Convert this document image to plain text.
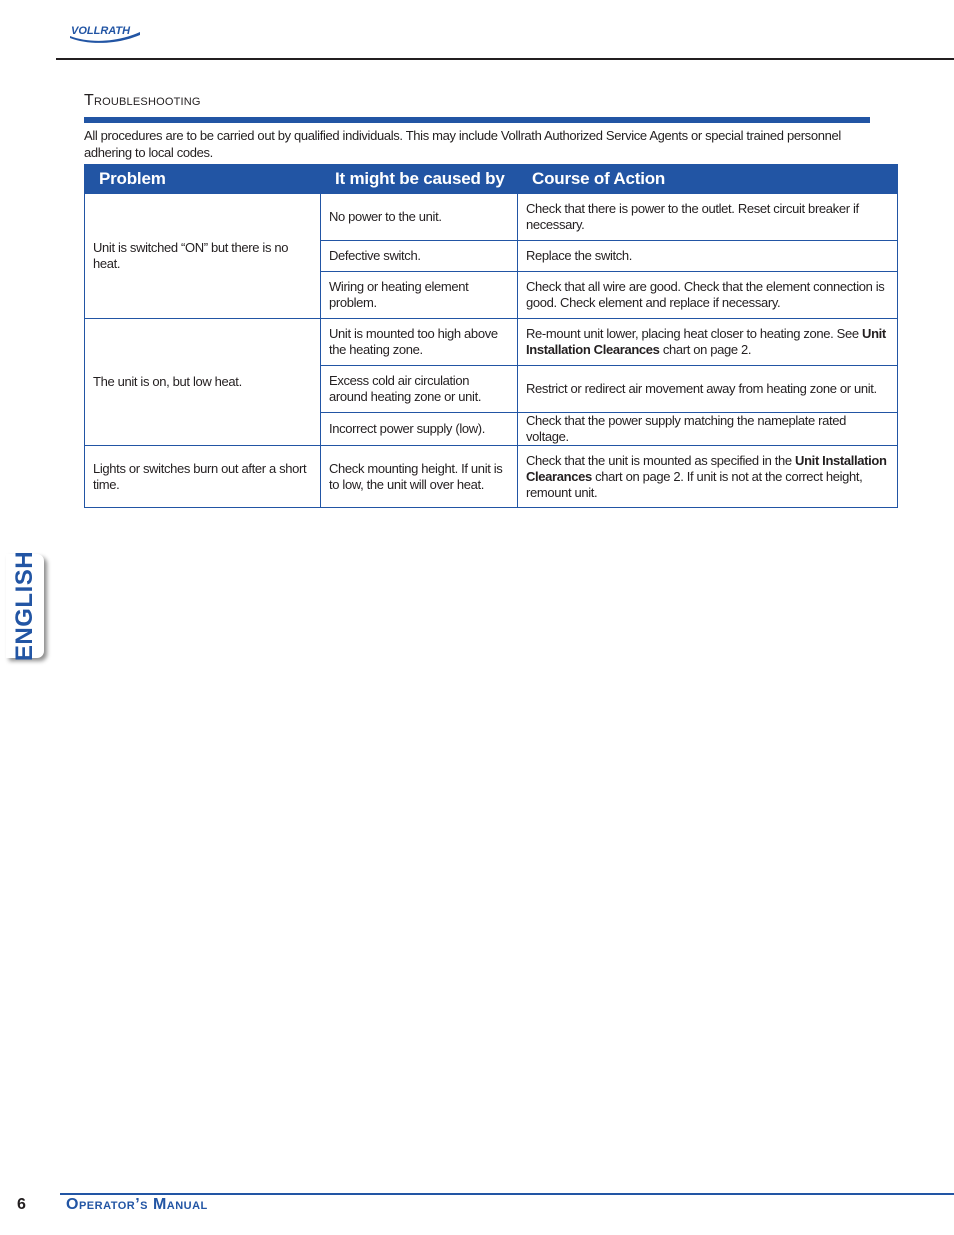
VOLLRATH
Troubleshooting

All procedures are to be carried out by qualified individuals. This may include Vollrath Authorized Service Agents or special trained personnel adhering to local codes.

Problem	It might be caused by	Course of Action
Unit is switched “ON” but there is no heat.	No power to the unit.	Check that there is power to the outlet. Reset circuit breaker if necessary.
	Defective switch.	Replace the switch.
	Wiring or heating element problem.	Check that all wire are good. Check that the element connection is good. Check element and replace if necessary.
The unit is on, but low heat.	Unit is mounted too high above the heating zone.	Re-mount unit lower, placing heat closer to heating zone. See Unit Installation Clearances chart on page 2.
	Excess cold air circulation around heating zone or unit.	Restrict or redirect air movement away from heating zone or unit.
	Incorrect power supply (low).	Check that the power supply matching the nameplate rated voltage.
Lights or switches burn out after a short time.	Check mounting height. If unit is to low, the unit will over heat.	Check that the unit is mounted as specified in the Unit Installation Clearances chart on page 2. If unit is not at the correct height, remount unit.
ENGLISH
6	Operator’s Manual
